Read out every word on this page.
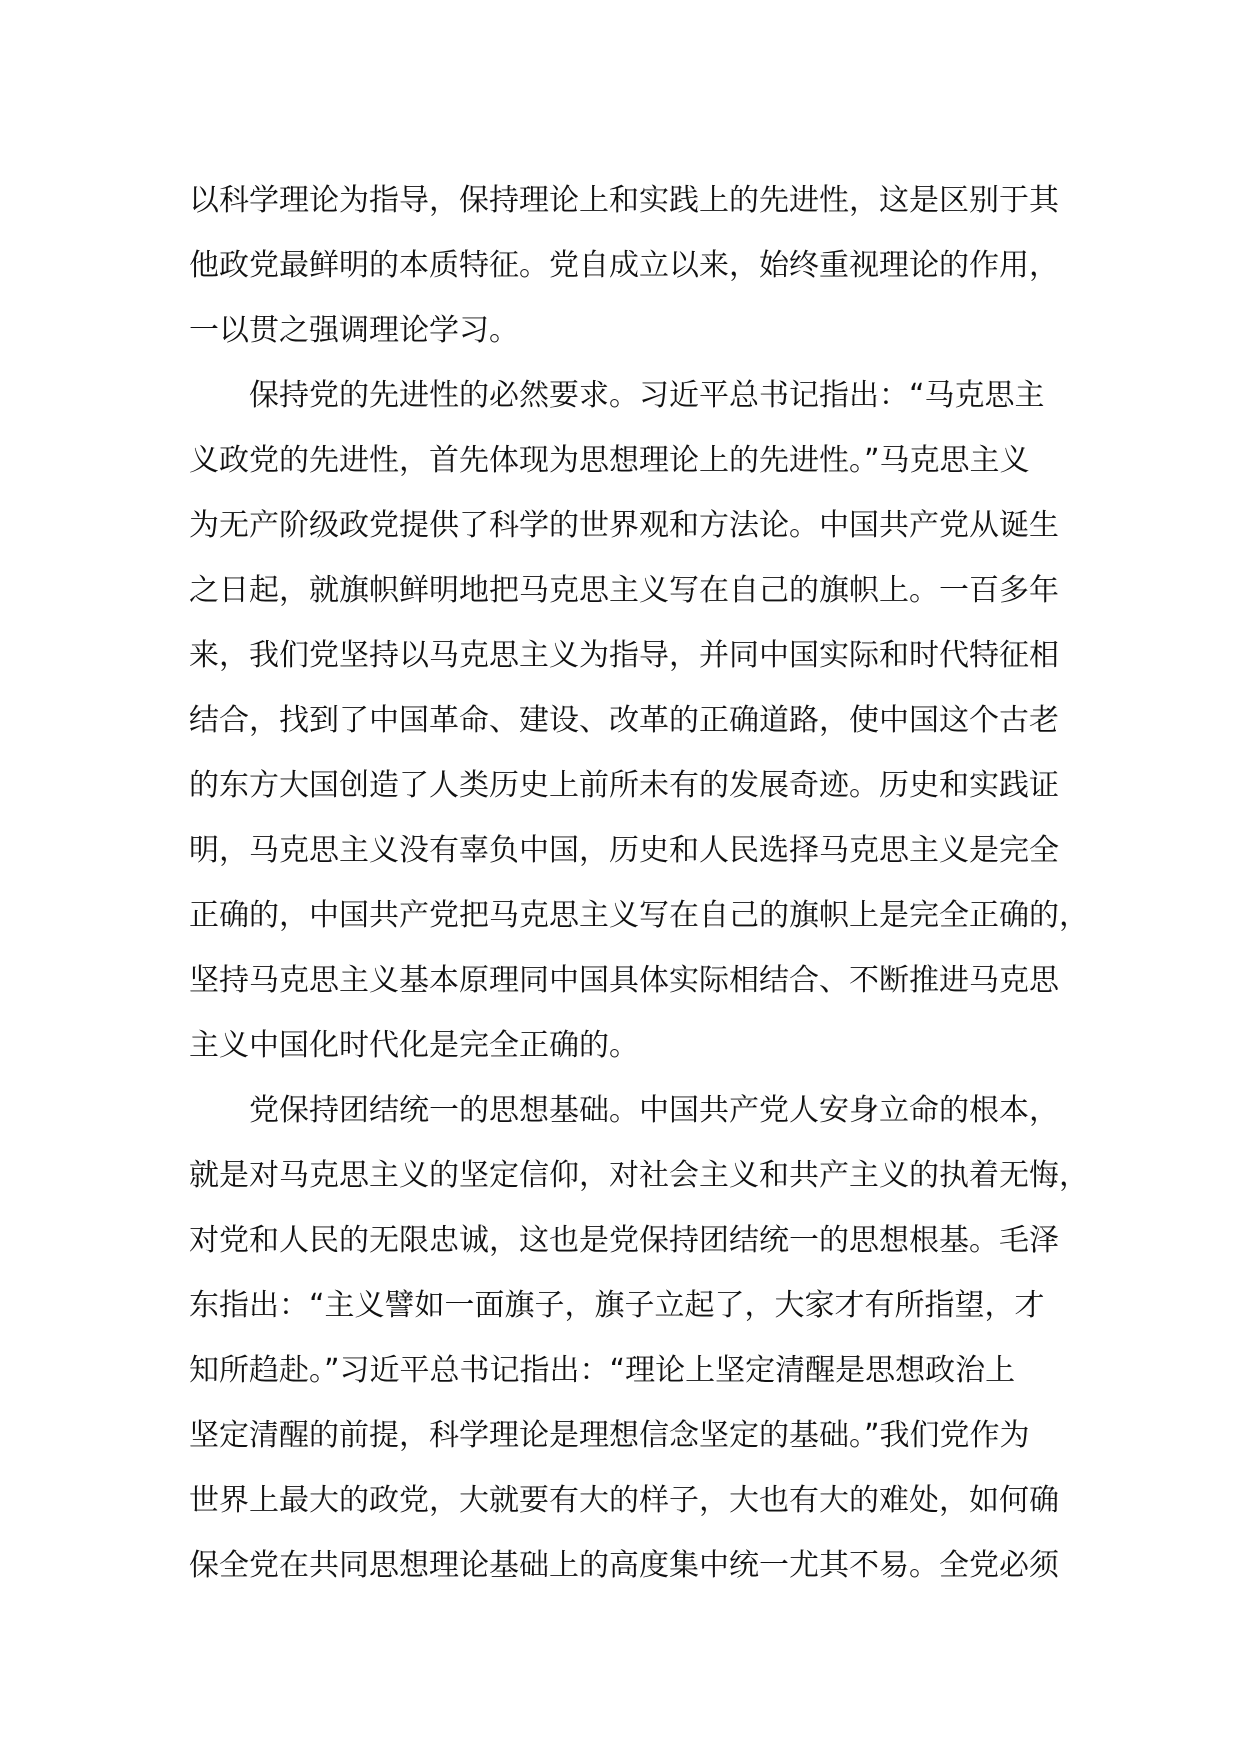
以科学理论为指导，保持理论上和实践上的先进性，这是区别于其
他政党最鲜明的本质特征。党自成立以来，始终重视理论的作用，
一以贯之强调理论学习。
保持党的先进性的必然要求。习近平总书记指出：“马克思主
义政党的先进性，首先体现为思想理论上的先进性。”马克思主义
为无产阶级政党提供了科学的世界观和方法论。中国共产党从诞生
之日起，就旗帜鲜明地把马克思主义写在自己的旗帜上。一百多年
来，我们党坚持以马克思主义为指导，并同中国实际和时代特征相
结合，找到了中国革命、建设、改革的正确道路，使中国这个古老
的东方大国创造了人类历史上前所未有的发展奇迹。历史和实践证
明，马克思主义没有辜负中国，历史和人民选择马克思主义是完全
正确的，中国共产党把马克思主义写在自己的旗帜上是完全正确的，
坚持马克思主义基本原理同中国具体实际相结合、不断推进马克思
主义中国化时代化是完全正确的。
党保持团结统一的思想基础。中国共产党人安身立命的根本，
就是对马克思主义的坚定信仰，对社会主义和共产主义的执着无悔，
对党和人民的无限忠诚，这也是党保持团结统一的思想根基。毛泽
东指出：“主义譬如一面旗子，旗子立起了，大家才有所指望，才
知所趋赴。”习近平总书记指出：“理论上坚定清醒是思想政治上
坚定清醒的前提，科学理论是理想信念坚定的基础。”我们党作为
世界上最大的政党，大就要有大的样子，大也有大的难处，如何确
保全党在共同思想理论基础上的高度集中统一尤其不易。全党必须
